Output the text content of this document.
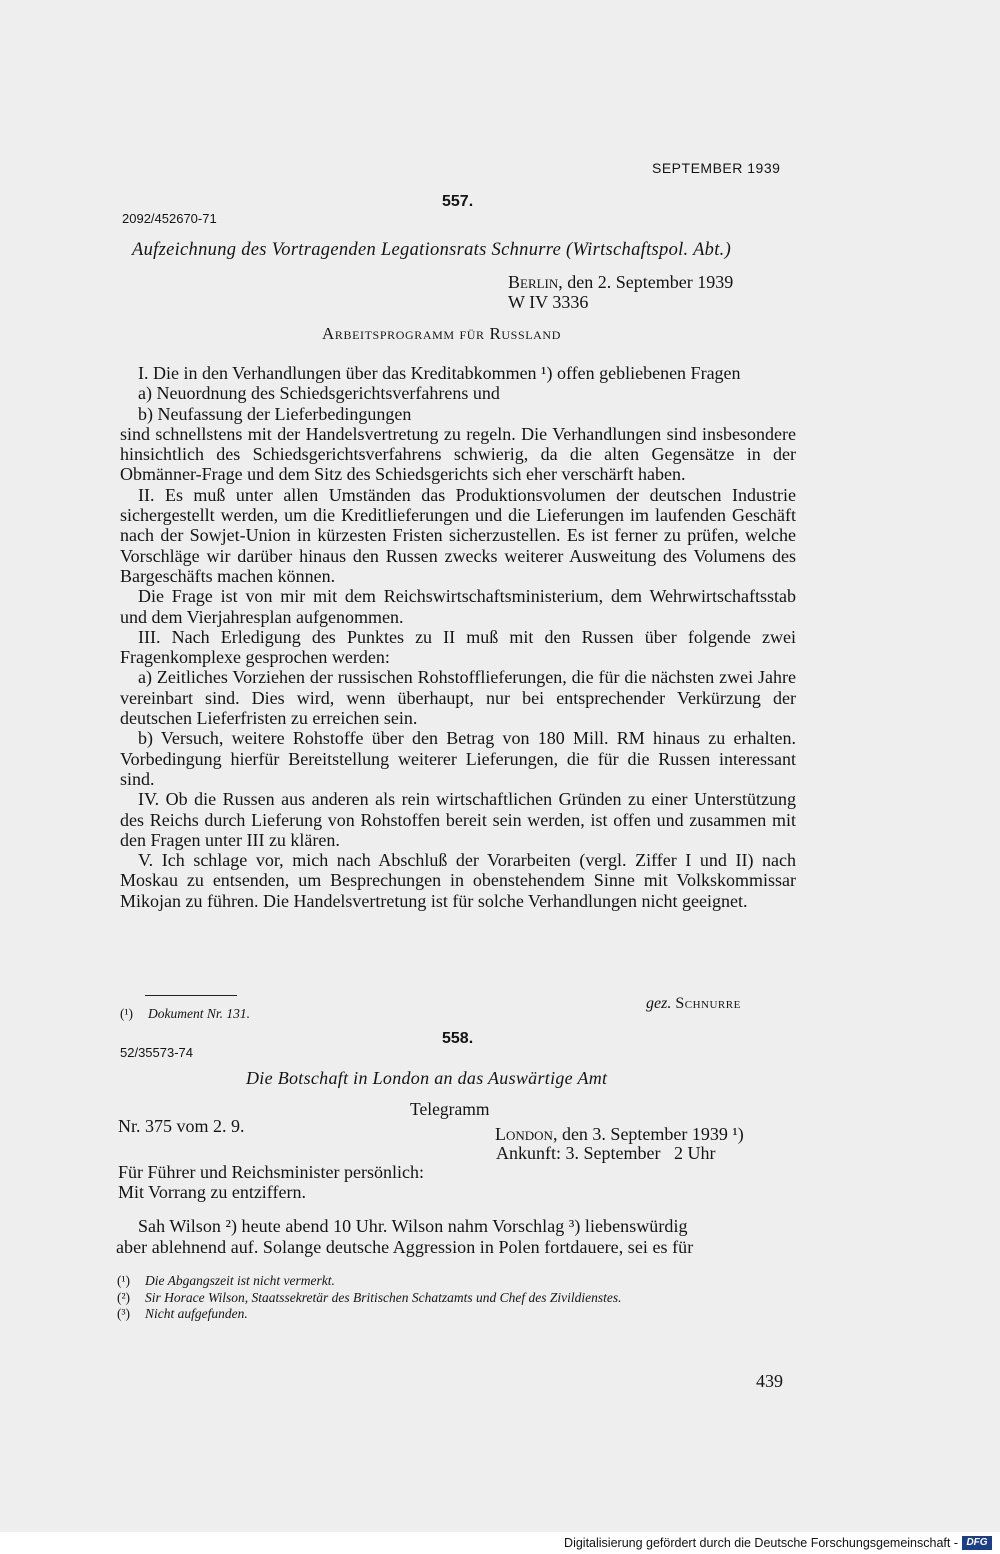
SEPTEMBER 1939
557.
2092/452670-71
Aufzeichnung des Vortragenden Legationsrats Schnurre (Wirtschaftspol. Abt.)
Berlin, den 2. September 1939
W IV 3336
Arbeitsprogramm für Russland

I. Die in den Verhandlungen über das Kreditabkommen ¹) offen gebliebenen Fragen

a) Neuordnung des Schiedsgerichtsverfahrens und

b) Neufassung der Lieferbedingungen

sind schnellstens mit der Handelsvertretung zu regeln. Die Verhandlungen sind insbesondere hinsichtlich des Schiedsgerichtsverfahrens schwierig, da die alten Gegensätze in der Obmänner-Frage und dem Sitz des Schiedsgerichts sich eher verschärft haben.

II. Es muß unter allen Umständen das Produktionsvolumen der deutschen Industrie sichergestellt werden, um die Kreditlieferungen und die Lieferungen im laufenden Geschäft nach der Sowjet-Union in kürzesten Fristen sicherzustellen. Es ist ferner zu prüfen, welche Vorschläge wir darüber hinaus den Russen zwecks weiterer Ausweitung des Volumens des Bargeschäfts machen können.

Die Frage ist von mir mit dem Reichswirtschaftsministerium, dem Wehrwirtschaftsstab und dem Vierjahresplan aufgenommen.

III. Nach Erledigung des Punktes zu II muß mit den Russen über folgende zwei Fragenkomplexe gesprochen werden:

a) Zeitliches Vorziehen der russischen Rohstofflieferungen, die für die nächsten zwei Jahre vereinbart sind. Dies wird, wenn überhaupt, nur bei entsprechender Verkürzung der deutschen Lieferfristen zu erreichen sein.

b) Versuch, weitere Rohstoffe über den Betrag von 180 Mill. RM hinaus zu erhalten. Vorbedingung hierfür Bereitstellung weiterer Lieferungen, die für die Russen interessant sind.

IV. Ob die Russen aus anderen als rein wirtschaftlichen Gründen zu einer Unterstützung des Reichs durch Lieferung von Rohstoffen bereit sein werden, ist offen und zusammen mit den Fragen unter III zu klären.

V. Ich schlage vor, mich nach Abschluß der Vorarbeiten (vergl. Ziffer I und II) nach Moskau zu entsenden, um Besprechungen in obenstehendem Sinne mit Volkskommissar Mikojan zu führen. Die Handelsvertretung ist für solche Verhandlungen nicht geeignet.

gez. Schnurre
(¹) Dokument Nr. 131.
558.
52/35573-74
Die Botschaft in London an das Auswärtige Amt
Telegramm
Nr. 375 vom 2. 9.	London, den 3. September 1939 ¹)
Ankunft: 3. September   2 Uhr
Für Führer und Reichsminister persönlich:
Mit Vorrang zu entziffern.
Sah Wilson ²) heute abend 10 Uhr. Wilson nahm Vorschlag ³) liebenswürdig
aber ablehnend auf. Solange deutsche Aggression in Polen fortdauere, sei es für
(¹) Die Abgangszeit ist nicht vermerkt.
(²) Sir Horace Wilson, Staatssekretär des Britischen Schatzamts und Chef des Zivildienstes.
(³) Nicht aufgefunden.
439
Digitalisierung gefördert durch die Deutsche Forschungsgemeinschaft - DFG
